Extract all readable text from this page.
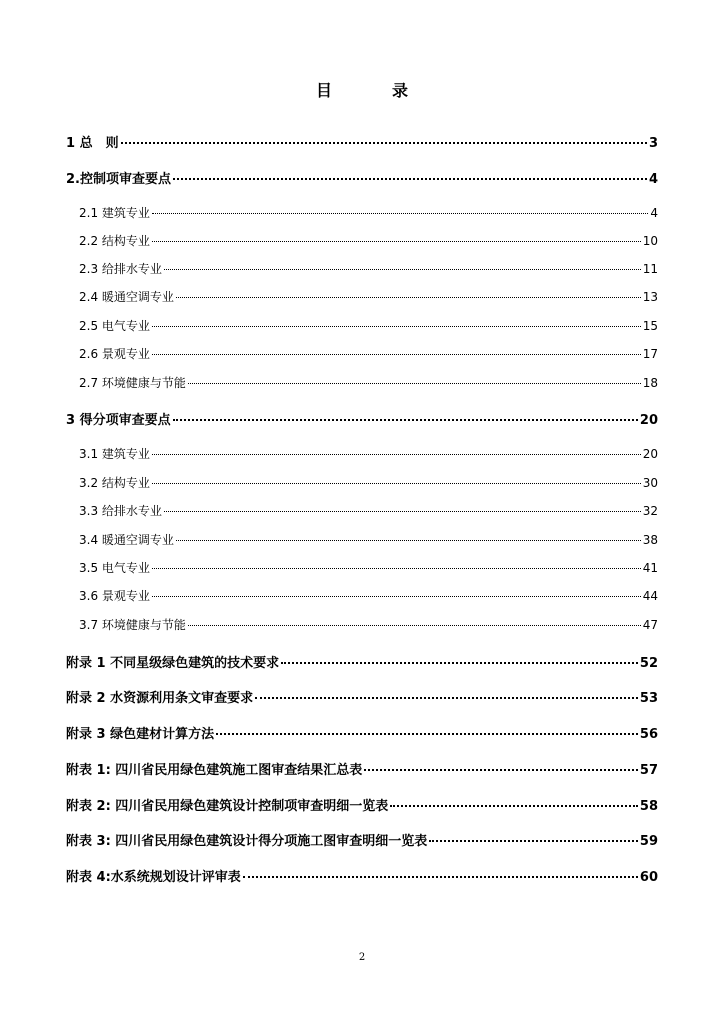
目　录
1 总　则	3
2.控制项审查要点	4
2.1 建筑专业	4
2.2 结构专业	10
2.3 给排水专业	11
2.4 暖通空调专业	13
2.5 电气专业	15
2.6 景观专业	17
2.7 环境健康与节能	18
3 得分项审查要点	20
3.1 建筑专业	20
3.2 结构专业	30
3.3 给排水专业	32
3.4 暖通空调专业	38
3.5 电气专业	41
3.6 景观专业	44
3.7 环境健康与节能	47
附录 1 不同星级绿色建筑的技术要求	52
附录 2 水资源利用条文审查要求	53
附录 3 绿色建材计算方法	56
附表 1: 四川省民用绿色建筑施工图审查结果汇总表	57
附表 2: 四川省民用绿色建筑设计控制项审查明细一览表	58
附表 3: 四川省民用绿色建筑设计得分项施工图审查明细一览表	59
附表 4:水系统规划设计评审表	60
2
